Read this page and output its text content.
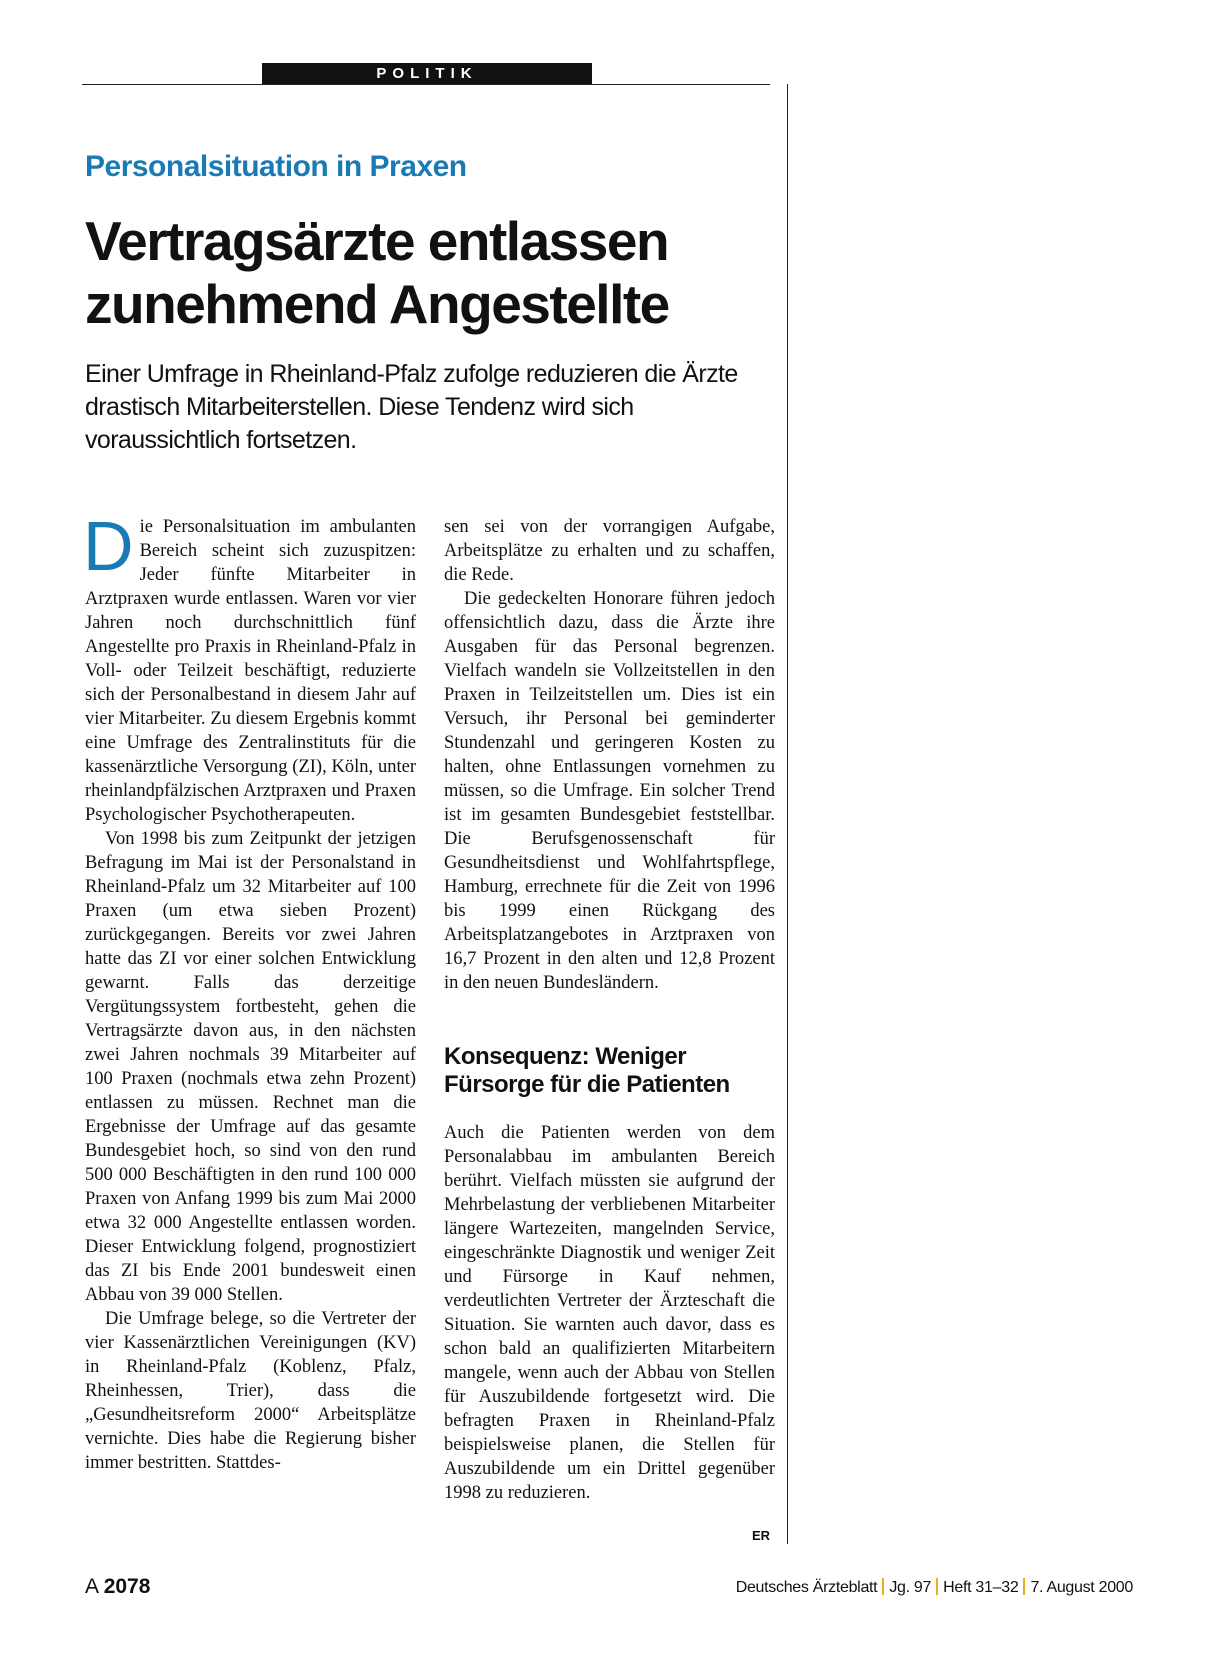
POLITIK
Personalsituation in Praxen
Vertragsärzte entlassen zunehmend Angestellte

Einer Umfrage in Rheinland-Pfalz zufolge reduzieren die Ärzte drastisch Mitarbeiterstellen. Diese Tendenz wird sich voraussichtlich fortsetzen.

Die Personalsituation im ambulanten Bereich scheint sich zuzuspitzen: Jeder fünfte Mitarbeiter in Arztpraxen wurde entlassen. Waren vor vier Jahren noch durchschnittlich fünf Angestellte pro Praxis in Rheinland-Pfalz in Voll- oder Teilzeit beschäftigt, reduzierte sich der Personalbestand in diesem Jahr auf vier Mitarbeiter. Zu diesem Ergebnis kommt eine Umfrage des Zentralinstituts für die kassenärztliche Versorgung (ZI), Köln, unter rheinlandpfälzischen Arztpraxen und Praxen Psychologischer Psychotherapeuten.

Von 1998 bis zum Zeitpunkt der jetzigen Befragung im Mai ist der Personalstand in Rheinland-Pfalz um 32 Mitarbeiter auf 100 Praxen (um etwa sieben Prozent) zurückgegangen. Bereits vor zwei Jahren hatte das ZI vor einer solchen Entwicklung gewarnt. Falls das derzeitige Vergütungssystem fortbesteht, gehen die Vertragsärzte davon aus, in den nächsten zwei Jahren nochmals 39 Mitarbeiter auf 100 Praxen (nochmals etwa zehn Prozent) entlassen zu müssen. Rechnet man die Ergebnisse der Umfrage auf das gesamte Bundesgebiet hoch, so sind von den rund 500 000 Beschäftigten in den rund 100 000 Praxen von Anfang 1999 bis zum Mai 2000 etwa 32 000 Angestellte entlassen worden. Dieser Entwicklung folgend, prognostiziert das ZI bis Ende 2001 bundesweit einen Abbau von 39 000 Stellen.

Die Umfrage belege, so die Vertreter der vier Kassenärztlichen Vereinigungen (KV) in Rheinland-Pfalz (Koblenz, Pfalz, Rheinhessen, Trier), dass die „Gesundheitsreform 2000“ Arbeitsplätze vernichte. Dies habe die Regierung bisher immer bestritten. Stattdes-

sen sei von der vorrangigen Aufgabe, Arbeitsplätze zu erhalten und zu schaffen, die Rede.

Die gedeckelten Honorare führen jedoch offensichtlich dazu, dass die Ärzte ihre Ausgaben für das Personal begrenzen. Vielfach wandeln sie Vollzeitstellen in den Praxen in Teilzeitstellen um. Dies ist ein Versuch, ihr Personal bei geminderter Stundenzahl und geringeren Kosten zu halten, ohne Entlassungen vornehmen zu müssen, so die Umfrage. Ein solcher Trend ist im gesamten Bundesgebiet feststellbar. Die Berufsgenossenschaft für Gesundheitsdienst und Wohlfahrtspflege, Hamburg, errechnete für die Zeit von 1996 bis 1999 einen Rückgang des Arbeitsplatzangebotes in Arztpraxen von 16,7 Prozent in den alten und 12,8 Prozent in den neuen Bundesländern.

Konsequenz: Weniger Fürsorge für die Patienten

Auch die Patienten werden von dem Personalabbau im ambulanten Bereich berührt. Vielfach müssten sie aufgrund der Mehrbelastung der verbliebenen Mitarbeiter längere Wartezeiten, mangelnden Service, eingeschränkte Diagnostik und weniger Zeit und Fürsorge in Kauf nehmen, verdeutlichten Vertreter der Ärzteschaft die Situation. Sie warnten auch davor, dass es schon bald an qualifizierten Mitarbeitern mangele, wenn auch der Abbau von Stellen für Auszubildende fortgesetzt wird. Die befragten Praxen in Rheinland-Pfalz beispielsweise planen, die Stellen für Auszubildende um ein Drittel gegenüber 1998 zu reduzieren.

ER
A 2078	Deutsches Ärzteblatt Jg. 97 Heft 31–32 7. August 2000
